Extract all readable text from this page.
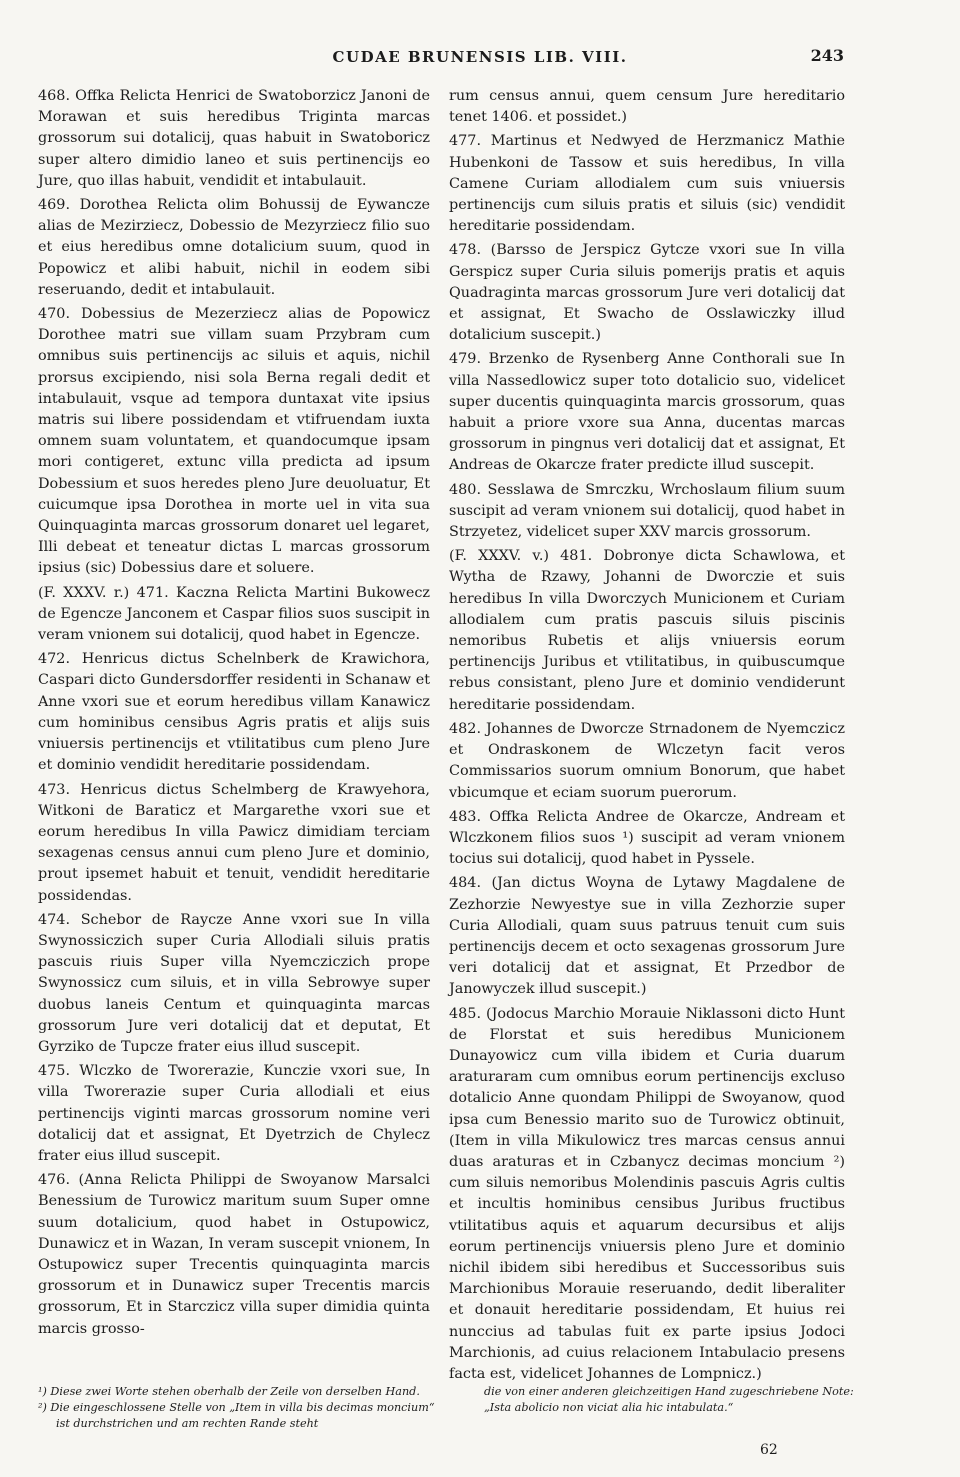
CUDAE BRUNENSIS LIB. VIII.	243

468. Offka Relicta Henrici de Swatoborzicz Janoni de Morawan et suis heredibus Triginta marcas grossorum sui dotalicij, quas habuit in Swatoboricz super altero dimidio laneo et suis pertinencijs eo Jure, quo illas habuit, vendidit et intabulauit.

469. Dorothea Relicta olim Bohussij de Eywancze alias de Mezirziecz, Dobessio de Mezyrziecz filio suo et eius heredibus omne dotalicium suum, quod in Popowicz et alibi habuit, nichil in eodem sibi reseruando, dedit et intabulauit.

470. Dobessius de Mezerziecz alias de Popowicz Dorothee matri sue villam suam Przybram cum omnibus suis pertinencijs ac siluis et aquis, nichil prorsus excipiendo, nisi sola Berna regali dedit et intabulauit, vsque ad tempora duntaxat vite ipsius matris sui libere possidendam et vtifruendam iuxta omnem suam voluntatem, et quandocumque ipsam mori contigeret, extunc villa predicta ad ipsum Dobessium et suos heredes pleno Jure deuoluatur, Et cuicumque ipsa Dorothea in morte uel in vita sua Quinquaginta marcas grossorum donaret uel legaret, Illi debeat et teneatur dictas L marcas grossorum ipsius (sic) Dobessius dare et soluere.

(F. XXXV. r.) 471. Kaczna Relicta Martini Bukowecz de Egencze Janconem et Caspar filios suos suscipit in veram vnionem sui dotalicij, quod habet in Egencze.

472. Henricus dictus Schelnberk de Krawichora, Caspari dicto Gundersdorffer residenti in Schanaw et Anne vxori sue et eorum heredibus villam Kanawicz cum hominibus censibus Agris pratis et alijs suis vniuersis pertinencijs et vtilitatibus cum pleno Jure et dominio vendidit hereditarie possidendam.

473. Henricus dictus Schelmberg de Krawyehora, Witkoni de Baraticz et Margarethe vxori sue et eorum heredibus In villa Pawicz dimidiam terciam sexagenas census annui cum pleno Jure et dominio, prout ipsemet habuit et tenuit, vendidit hereditarie possidendas.

474. Schebor de Raycze Anne vxori sue In villa Swynossiczich super Curia Allodiali siluis pratis pascuis riuis Super villa Nyemcziczich prope Swynossicz cum siluis, et in villa Sebrowye super duobus laneis Centum et quinquaginta marcas grossorum Jure veri dotalicij dat et deputat, Et Gyrziko de Tupcze frater eius illud suscepit.

475. Wlczko de Tworerazie, Kunczie vxori sue, In villa Tworerazie super Curia allodiali et eius pertinencijs viginti marcas grossorum nomine veri dotalicij dat et assignat, Et Dyetrzich de Chylecz frater eius illud suscepit.

476. (Anna Relicta Philippi de Swoyanow Marsalci Benessium de Turowicz maritum suum Super omne suum dotalicium, quod habet in Ostupowicz, Dunawicz et in Wazan, In veram suscepit vnionem, In Ostupowicz super Trecentis quinquaginta marcis grossorum et in Dunawicz super Trecentis marcis grossorum, Et in Starczicz villa super dimidia quinta marcis grosso-

rum census annui, quem censum Jure hereditario tenet 1406. et possidet.)

477. Martinus et Nedwyed de Herzmanicz Mathie Hubenkoni de Tassow et suis heredibus, In villa Camene Curiam allodialem cum suis vniuersis pertinencijs cum siluis pratis et siluis (sic) vendidit hereditarie possidendam.

478. (Barsso de Jerspicz Gytcze vxori sue In villa Gerspicz super Curia siluis pomerijs pratis et aquis Quadraginta marcas grossorum Jure veri dotalicij dat et assignat, Et Swacho de Osslawiczky illud dotalicium suscepit.)

479. Brzenko de Rysenberg Anne Conthorali sue In villa Nassedlowicz super toto dotalicio suo, videlicet super ducentis quinquaginta marcis grossorum, quas habuit a priore vxore sua Anna, ducentas marcas grossorum in pingnus veri dotalicij dat et assignat, Et Andreas de Okarcze frater predicte illud suscepit.

480. Sesslawa de Smrczku, Wrchoslaum filium suum suscipit ad veram vnionem sui dotalicij, quod habet in Strzyetez, videlicet super XXV marcis grossorum.

(F. XXXV. v.) 481. Dobronye dicta Schawlowa, et Wytha de Rzawy, Johanni de Dworczie et suis heredibus In villa Dworczych Municionem et Curiam allodialem cum pratis pascuis siluis piscinis nemoribus Rubetis et alijs vniuersis eorum pertinencijs Juribus et vtilitatibus, in quibuscumque rebus consistant, pleno Jure et dominio vendiderunt hereditarie possidendam.

482. Johannes de Dworcze Strnadonem de Nyemczicz et Ondraskonem de Wlczetyn facit veros Commissarios suorum omnium Bonorum, que habet vbicumque et eciam suorum puerorum.

483. Offka Relicta Andree de Okarcze, Andream et Wlczkonem filios suos ¹) suscipit ad veram vnionem tocius sui dotalicij, quod habet in Pyssele.

484. (Jan dictus Woyna de Lytawy Magdalene de Zezhorzie Newyestye sue in villa Zezhorzie super Curia Allodiali, quam suus patruus tenuit cum suis pertinencijs decem et octo sexagenas grossorum Jure veri dotalicij dat et assignat, Et Przedbor de Janowyczek illud suscepit.)

485. (Jodocus Marchio Morauie Niklassoni dicto Hunt de Florstat et suis heredibus Municionem Dunayowicz cum villa ibidem et Curia duarum araturaram cum omnibus eorum pertinencijs excluso dotalicio Anne quondam Philippi de Swoyanow, quod ipsa cum Benessio marito suo de Turowicz obtinuit, (Item in villa Mikulowicz tres marcas census annui duas araturas et in Czbanycz decimas moncium ²) cum siluis nemoribus Molendinis pascuis Agris cultis et incultis hominibus censibus Juribus fructibus vtilitatibus aquis et aquarum decursibus et alijs eorum pertinencijs vniuersis pleno Jure et dominio nichil ibidem sibi heredibus et Successoribus suis Marchionibus Morauie reseruando, dedit liberaliter et donauit hereditarie possidendam, Et huius rei nunccius ad tabulas fuit ex parte ipsius Jodoci Marchionis, ad cuius relacionem Intabulacio presens facta est, videlicet Johannes de Lompnicz.)

¹) Diese zwei Worte stehen oberhalb der Zeile von derselben Hand.
²) Die eingeschlossene Stelle von „Item in villa bis decimas moncium“ ist durchstrichen und am rechten Rande steht
die von einer anderen gleichzeitigen Hand zugeschriebene Note: „Ista abolicio non viciat alia hic intabulata.“
62
